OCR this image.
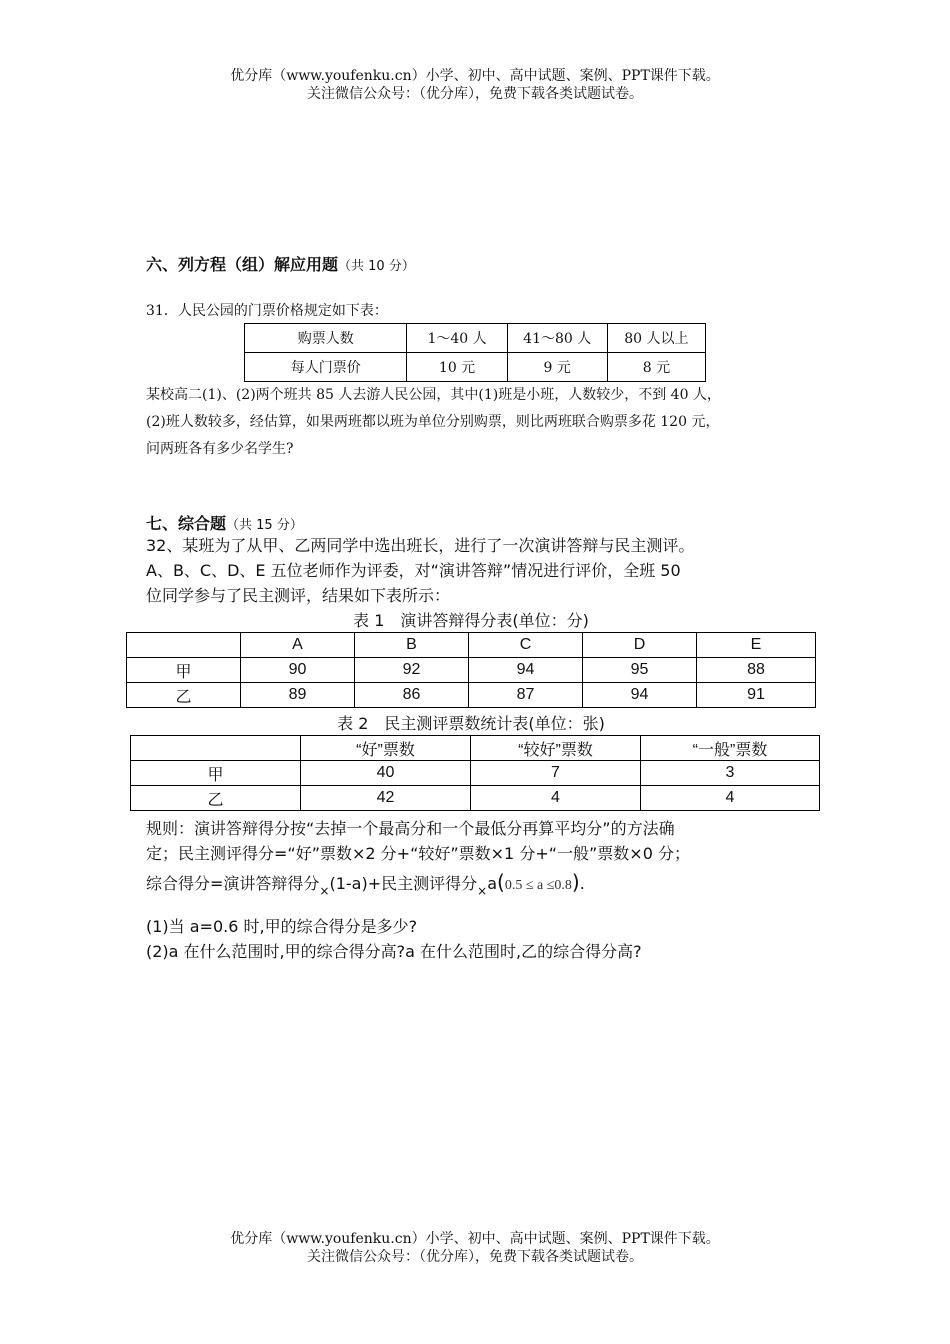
优分库（www.youfenku.cn）小学、初中、高中试题、案例、PPT课件下载。
关注微信公众号：（优分库），免费下载各类试题试卷。
六、列方程（组）解应用题（共 10 分）
31．人民公园的门票价格规定如下表：
购票人数	1～40 人	41～80 人	80 人以上
每人门票价	10 元	9 元	8 元
某校高二(1)、(2)两个班共 85 人去游人民公园，其中(1)班是小班，人数较少，不到 40 人，
(2)班人数较多，经估算，如果两班都以班为单位分别购票，则比两班联合购票多花 120 元，
问两班各有多少名学生?
七、综合题（共 15 分）
32、某班为了从甲、乙两同学中选出班长，进行了一次演讲答辩与民主测评。
A、B、C、D、E 五位老师作为评委，对“演讲答辩”情况进行评价，全班 50
位同学参与了民主测评，结果如下表所示：
表 1　演讲答辩得分表(单位：分)
	A	B	C	D	E
甲	90	92	94	95	88
乙	89	86	87	94	91
表 2　民主测评票数统计表(单位：张)
	“好”票数	“较好”票数	“一般”票数
甲	40	7	3
乙	42	4	4
规则：演讲答辩得分按“去掉一个最高分和一个最低分再算平均分”的方法确
定；民主测评得分=“好”票数×2 分+“较好”票数×1 分+“一般”票数×0 分；
综合得分=演讲答辩得分$_\times$(1-a)+民主测评得分$_\times$a(0.5 ≤ a ≤0.8).
(1)当 a=0.6 时,甲的综合得分是多少?
(2)a 在什么范围时,甲的综合得分高?a 在什么范围时,乙的综合得分高?
优分库（www.youfenku.cn）小学、初中、高中试题、案例、PPT课件下载。
关注微信公众号：（优分库），免费下载各类试题试卷。
